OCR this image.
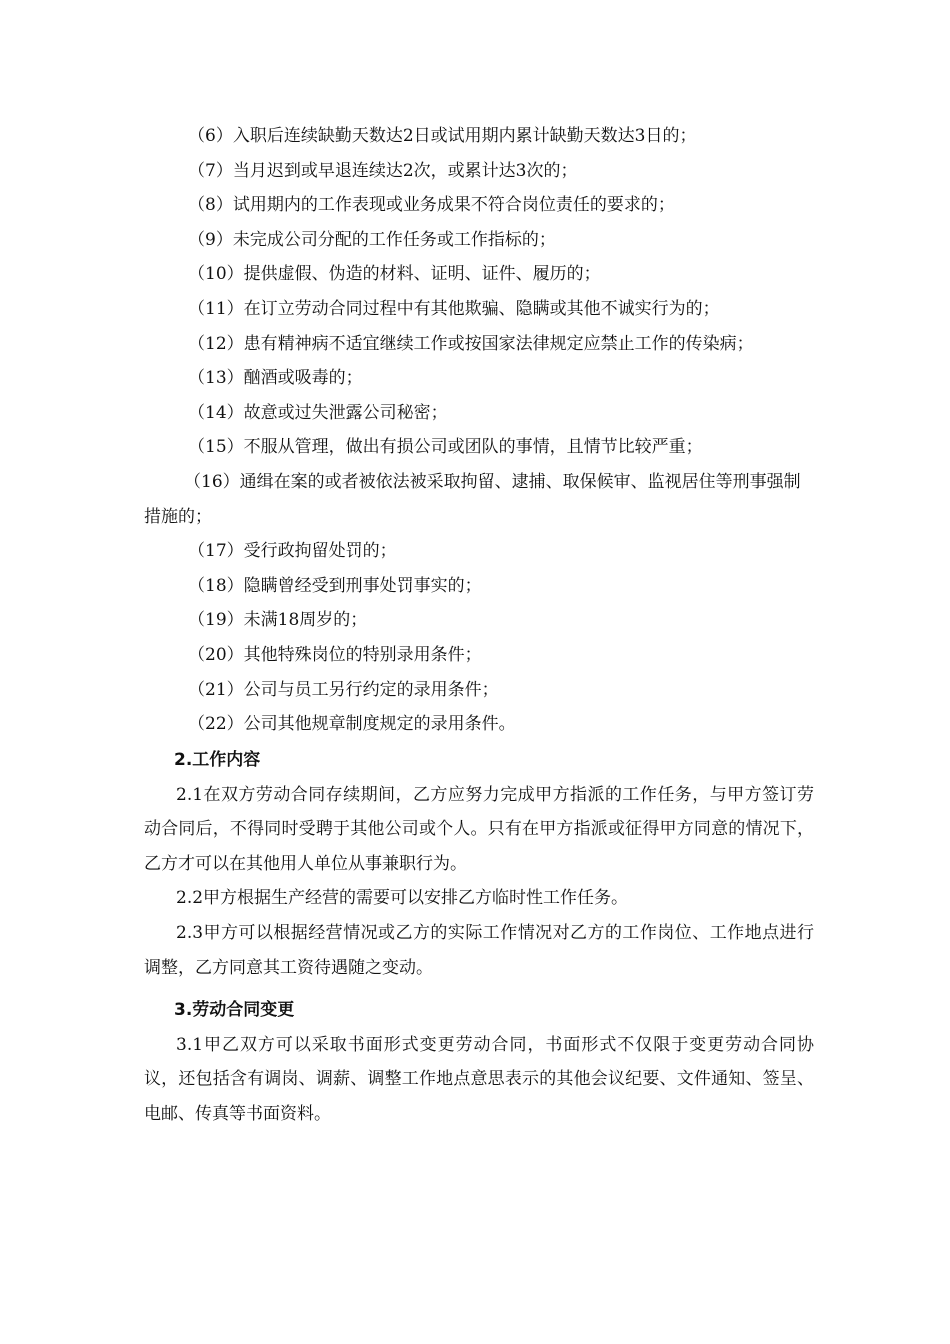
（6）入职后连续缺勤天数达2日或试用期内累计缺勤天数达3日的；
（7）当月迟到或早退连续达2次，或累计达3次的；
（8）试用期内的工作表现或业务成果不符合岗位责任的要求的；
（9）未完成公司分配的工作任务或工作指标的；
（10）提供虚假、伪造的材料、证明、证件、履历的；
（11）在订立劳动合同过程中有其他欺骗、隐瞒或其他不诚实行为的；
（12）患有精神病不适宜继续工作或按国家法律规定应禁止工作的传染病；
（13）酗酒或吸毒的；
（14）故意或过失泄露公司秘密；
（15）不服从管理，做出有损公司或团队的事情，且情节比较严重；
（16）通缉在案的或者被依法被采取拘留、逮捕、取保候审、监视居住等刑事强制措施的；
（17）受行政拘留处罚的；
（18）隐瞒曾经受到刑事处罚事实的；
（19）未满18周岁的；
（20）其他特殊岗位的特别录用条件；
（21）公司与员工另行约定的录用条件；
（22）公司其他规章制度规定的录用条件。
2.工作内容
2.1在双方劳动合同存续期间，乙方应努力完成甲方指派的工作任务，与甲方签订劳动合同后，不得同时受聘于其他公司或个人。只有在甲方指派或征得甲方同意的情况下，乙方才可以在其他用人单位从事兼职行为。
2.2甲方根据生产经营的需要可以安排乙方临时性工作任务。
2.3甲方可以根据经营情况或乙方的实际工作情况对乙方的工作岗位、工作地点进行调整，乙方同意其工资待遇随之变动。
3.劳动合同变更
3.1甲乙双方可以采取书面形式变更劳动合同，书面形式不仅限于变更劳动合同协议，还包括含有调岗、调薪、调整工作地点意思表示的其他会议纪要、文件通知、签呈、电邮、传真等书面资料。
